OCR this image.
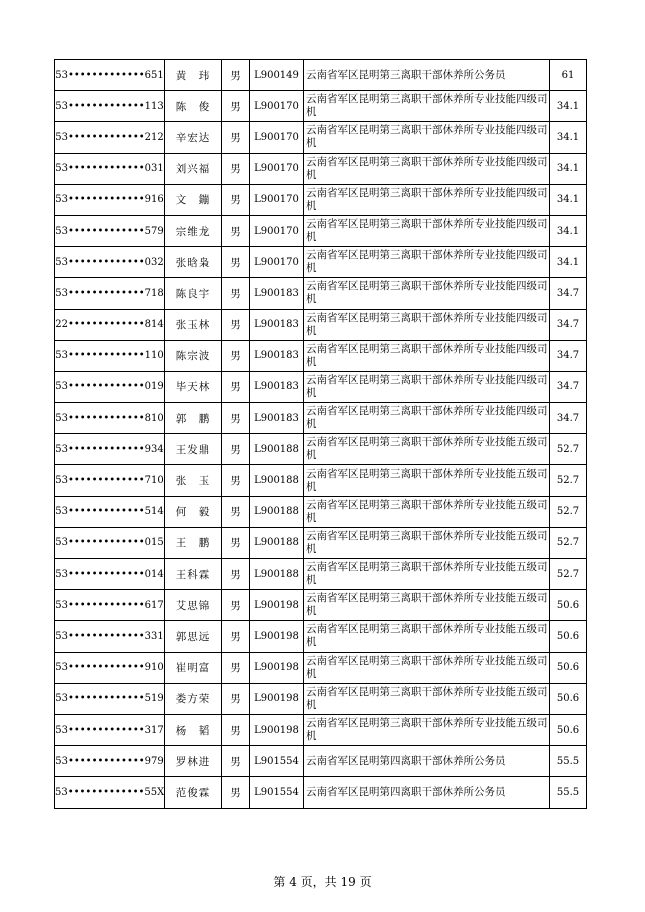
53•••••••••••••651	黄　玮	男	L900149	云南省军区昆明第三离职干部休养所公务员	61
53•••••••••••••113	陈　俊	男	L900170	云南省军区昆明第三离职干部休养所专业技能四级司机	34.1
53•••••••••••••212	辛宏达	男	L900170	云南省军区昆明第三离职干部休养所专业技能四级司机	34.1
53•••••••••••••031	刘兴福	男	L900170	云南省军区昆明第三离职干部休养所专业技能四级司机	34.1
53•••••••••••••916	文　鏰	男	L900170	云南省军区昆明第三离职干部休养所专业技能四级司机	34.1
53•••••••••••••579	宗维龙	男	L900170	云南省军区昆明第三离职干部休养所专业技能四级司机	34.1
53•••••••••••••032	张晗枭	男	L900170	云南省军区昆明第三离职干部休养所专业技能四级司机	34.1
53•••••••••••••718	陈良宇	男	L900183	云南省军区昆明第三离职干部休养所专业技能四级司机	34.7
22•••••••••••••814	张玉林	男	L900183	云南省军区昆明第三离职干部休养所专业技能四级司机	34.7
53•••••••••••••110	陈宗波	男	L900183	云南省军区昆明第三离职干部休养所专业技能四级司机	34.7
53•••••••••••••019	毕天林	男	L900183	云南省军区昆明第三离职干部休养所专业技能四级司机	34.7
53•••••••••••••810	郭　鹏	男	L900183	云南省军区昆明第三离职干部休养所专业技能四级司机	34.7
53•••••••••••••934	王发鼎	男	L900188	云南省军区昆明第三离职干部休养所专业技能五级司机	52.7
53•••••••••••••710	张　玉	男	L900188	云南省军区昆明第三离职干部休养所专业技能五级司机	52.7
53•••••••••••••514	何　毅	男	L900188	云南省军区昆明第三离职干部休养所专业技能五级司机	52.7
53•••••••••••••015	王　鹏	男	L900188	云南省军区昆明第三离职干部休养所专业技能五级司机	52.7
53•••••••••••••014	王科霖	男	L900188	云南省军区昆明第三离职干部休养所专业技能五级司机	52.7
53•••••••••••••617	艾思锦	男	L900198	云南省军区昆明第三离职干部休养所专业技能五级司机	50.6
53•••••••••••••331	郭思远	男	L900198	云南省军区昆明第三离职干部休养所专业技能五级司机	50.6
53•••••••••••••910	崔明富	男	L900198	云南省军区昆明第三离职干部休养所专业技能五级司机	50.6
53•••••••••••••519	娄方荣	男	L900198	云南省军区昆明第三离职干部休养所专业技能五级司机	50.6
53•••••••••••••317	杨　韬	男	L900198	云南省军区昆明第三离职干部休养所专业技能五级司机	50.6
53•••••••••••••979	罗林进	男	L901554	云南省军区昆明第四离职干部休养所公务员	55.5
53•••••••••••••55X	范俊霖	男	L901554	云南省军区昆明第四离职干部休养所公务员	55.5
第 4 页，共 19 页
